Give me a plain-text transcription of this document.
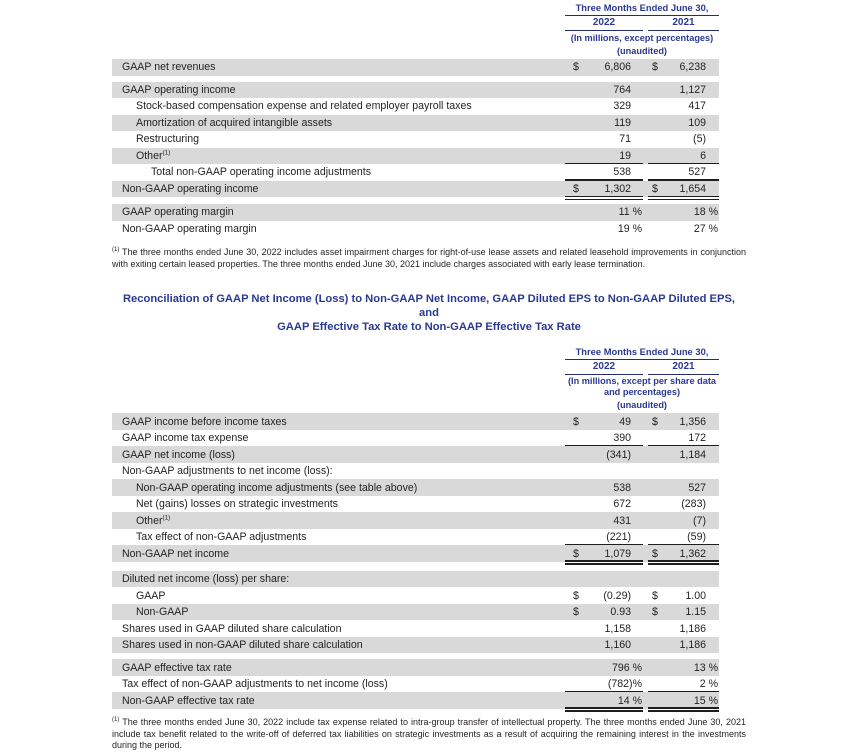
Three Months Ended June 30,
2022	2021
(In millions, except percentages)
(unaudited)
GAAP net revenues	$	6,806	$	6,238
GAAP operating income	764	1,127
Stock-based compensation expense and related employer payroll taxes	329	417
Amortization of acquired intangible assets	119	109
Restructuring	71	(5)
Other$^{(1)}$	19	6
Total non-GAAP operating income adjustments	538	527
Non-GAAP operating income	$	1,302	$	1,654
GAAP operating margin	11 %	18 %
Non-GAAP operating margin	19 %	27 %

$^{(1)}$ The three months ended June 30, 2022 includes asset impairment charges for right-of-use lease assets and related leasehold improvements in conjunction with exiting certain leased properties. The three months ended June 30, 2021 include charges associated with early lease termination.

Reconciliation of GAAP Net Income (Loss) to Non-GAAP Net Income, GAAP Diluted EPS to Non-GAAP Diluted EPS, and
GAAP Effective Tax Rate to Non-GAAP Effective Tax Rate
Three Months Ended June 30,
2022	2021
(In millions, except per share data
and percentages)
(unaudited)
GAAP income before income taxes	$	49	$	1,356
GAAP income tax expense	390	172
GAAP net income (loss)	(341)	1,184
Non-GAAP adjustments to net income (loss):
Non-GAAP operating income adjustments (see table above)	538	527
Net (gains) losses on strategic investments	672	(283)
Other$^{(1)}$	431	(7)
Tax effect of non-GAAP adjustments	(221)	(59)
Non-GAAP net income	$	1,079	$	1,362
Diluted net income (loss) per share:
GAAP	$	(0.29)	$	1.00
Non-GAAP	$	0.93	$	1.15
Shares used in GAAP diluted share calculation	1,158	1,186
Shares used in non-GAAP diluted share calculation	1,160	1,186
GAAP effective tax rate	796 %	13 %
Tax effect of non-GAAP adjustments to net income (loss)	(782)%	2 %
Non-GAAP effective tax rate	14 %	15 %

$^{(1)}$ The three months ended June 30, 2022 include tax expense related to intra-group transfer of intellectual property. The three months ended June 30, 2021 include tax benefit related to the write-off of deferred tax liabilities on strategic investments as a result of acquiring the remaining interest in the investments during the period.
